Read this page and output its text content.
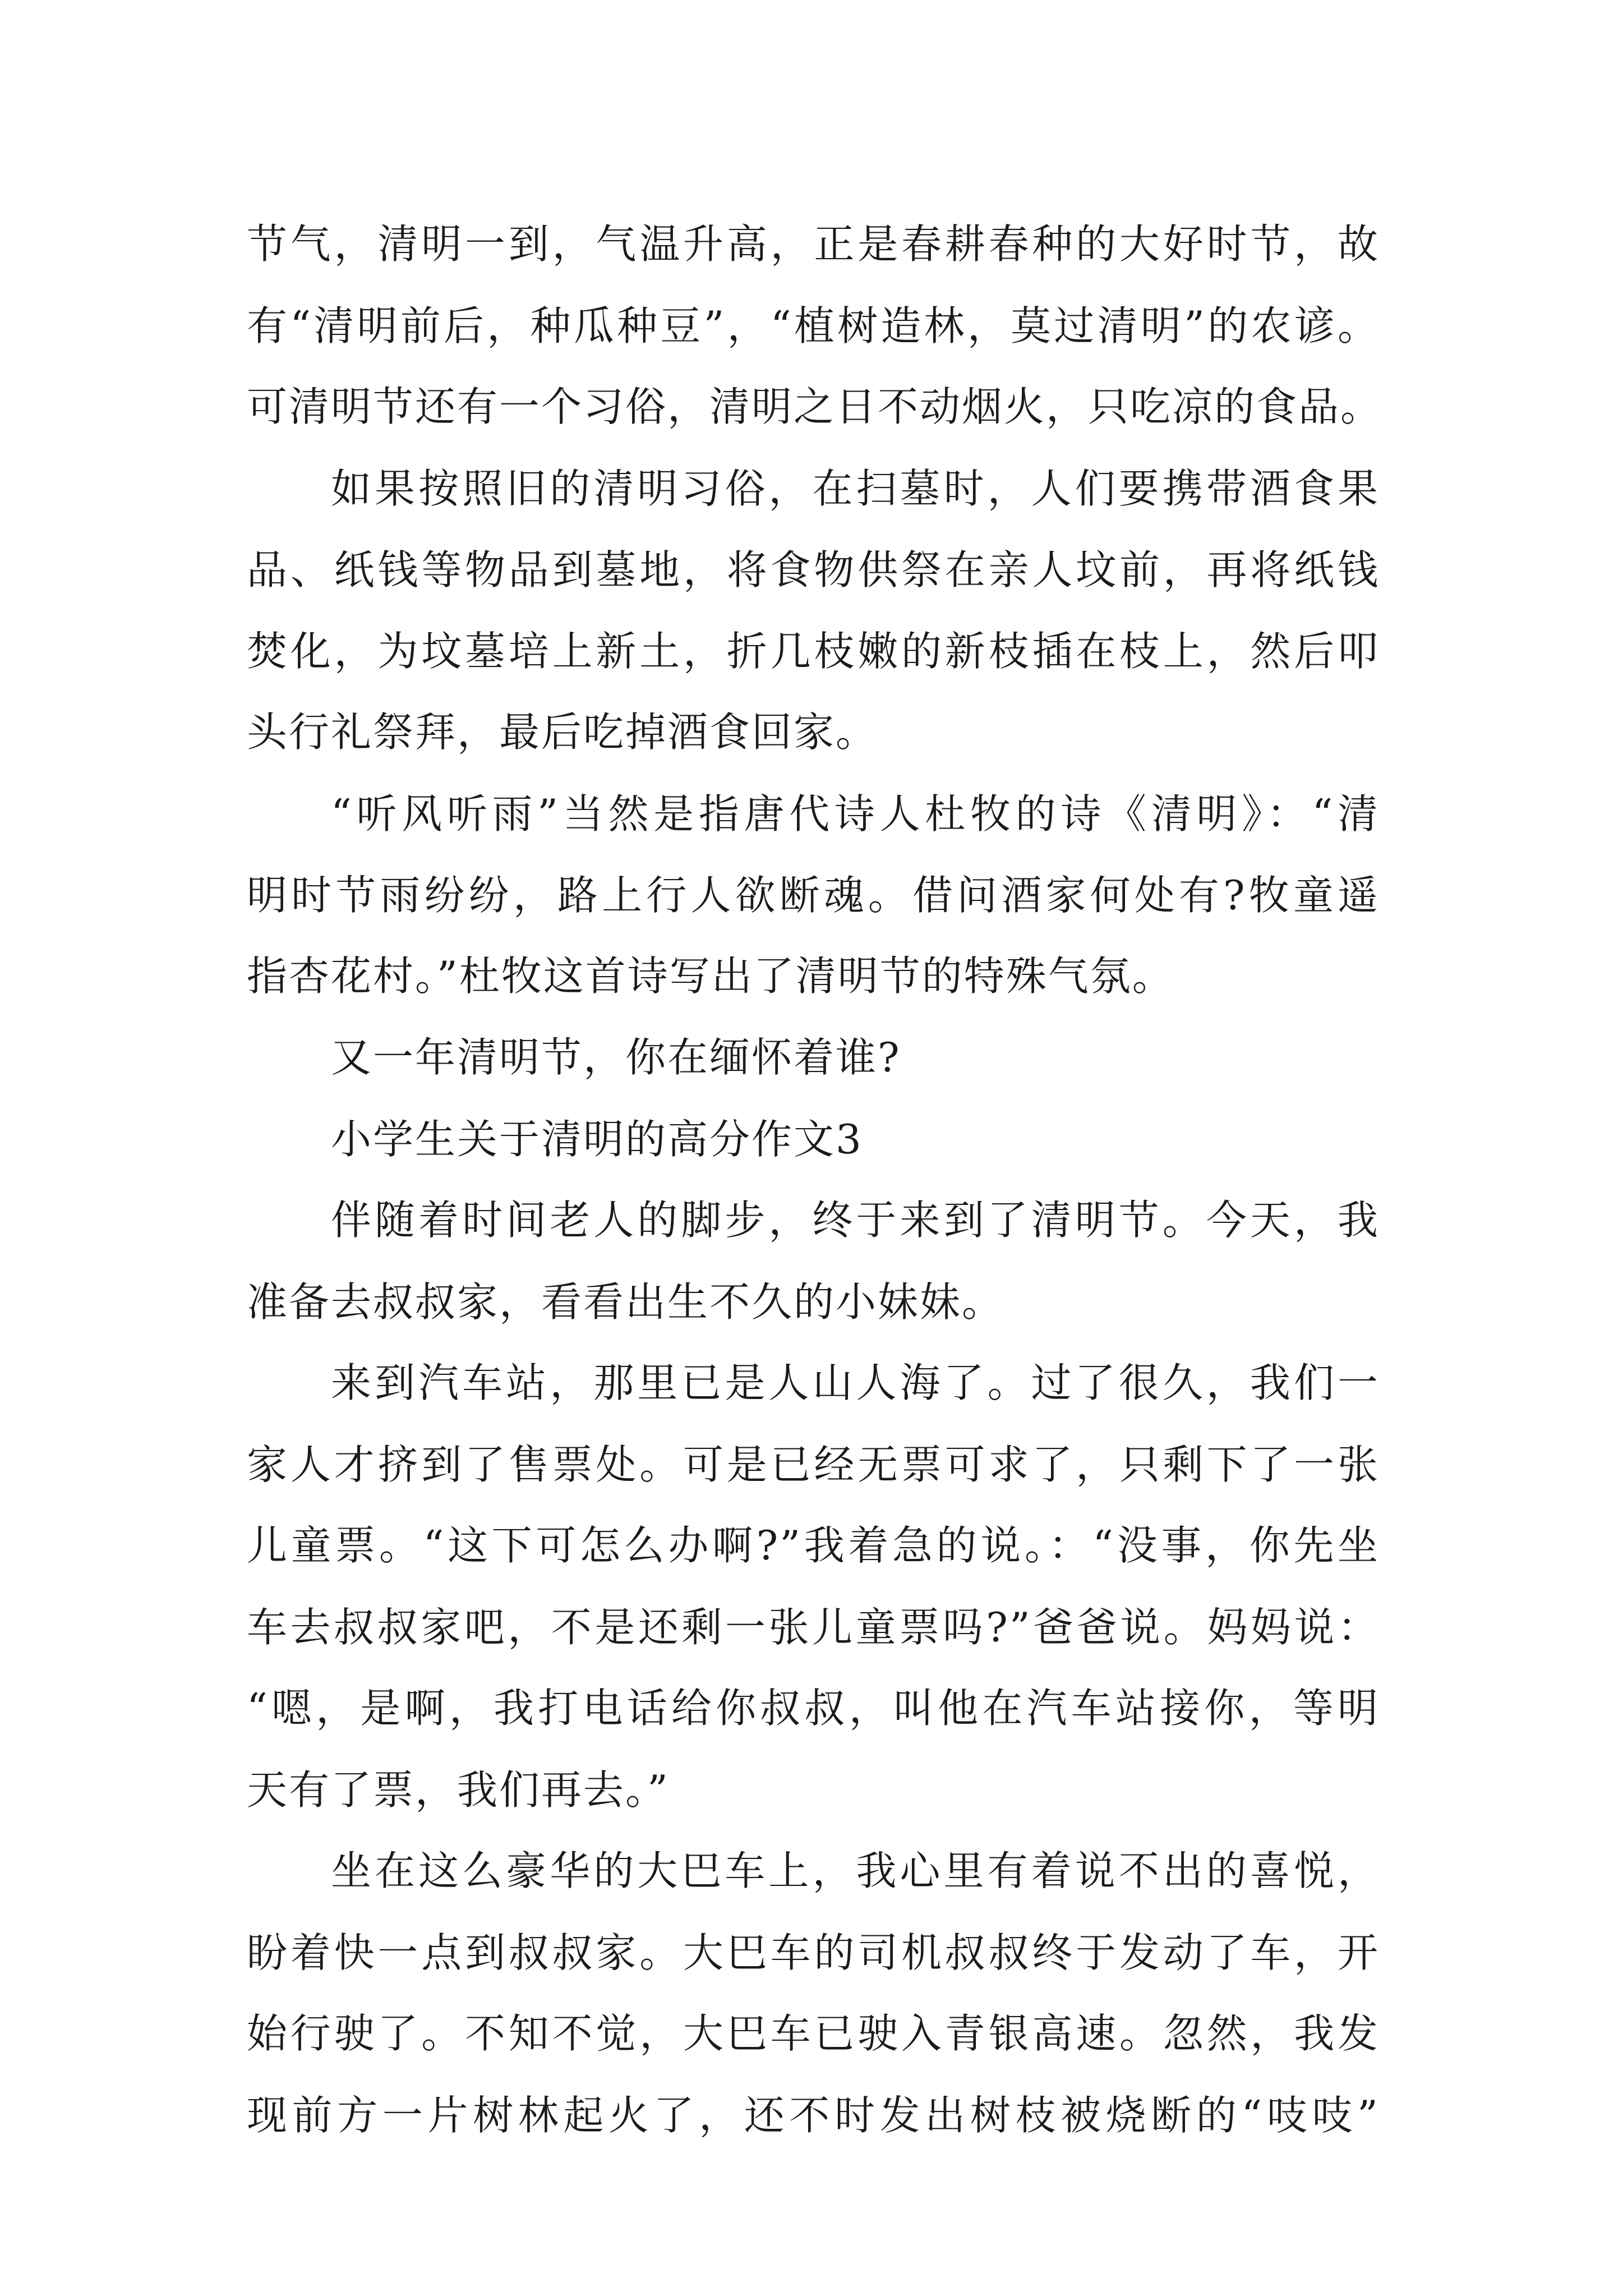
节气，清明一到，气温升高，正是春耕春种的大好时节，故
有“清明前后，种瓜种豆”，“植树造林，莫过清明”的农谚。
可清明节还有一个习俗，清明之日不动烟火，只吃凉的食品。
如果按照旧的清明习俗，在扫墓时，人们要携带酒食果
品、纸钱等物品到墓地，将食物供祭在亲人坟前，再将纸钱
焚化，为坟墓培上新土，折几枝嫩的新枝插在枝上，然后叩
头行礼祭拜，最后吃掉酒食回家。
“听风听雨”当然是指唐代诗人杜牧的诗《清明》：“清
明时节雨纷纷，路上行人欲断魂。借问酒家何处有?牧童遥
指杏花村。”杜牧这首诗写出了清明节的特殊气氛。
又一年清明节，你在缅怀着谁?
小学生关于清明的高分作文3
伴随着时间老人的脚步，终于来到了清明节。今天，我
准备去叔叔家，看看出生不久的小妹妹。
来到汽车站，那里已是人山人海了。过了很久，我们一
家人才挤到了售票处。可是已经无票可求了，只剩下了一张
儿童票。“这下可怎么办啊?”我着急的说。：“没事，你先坐
车去叔叔家吧，不是还剩一张儿童票吗?”爸爸说。妈妈说：
“嗯，是啊，我打电话给你叔叔，叫他在汽车站接你，等明
天有了票，我们再去。”
坐在这么豪华的大巴车上，我心里有着说不出的喜悦，
盼着快一点到叔叔家。大巴车的司机叔叔终于发动了车，开
始行驶了。不知不觉，大巴车已驶入青银高速。忽然，我发
现前方一片树林起火了，还不时发出树枝被烧断的“吱吱”
